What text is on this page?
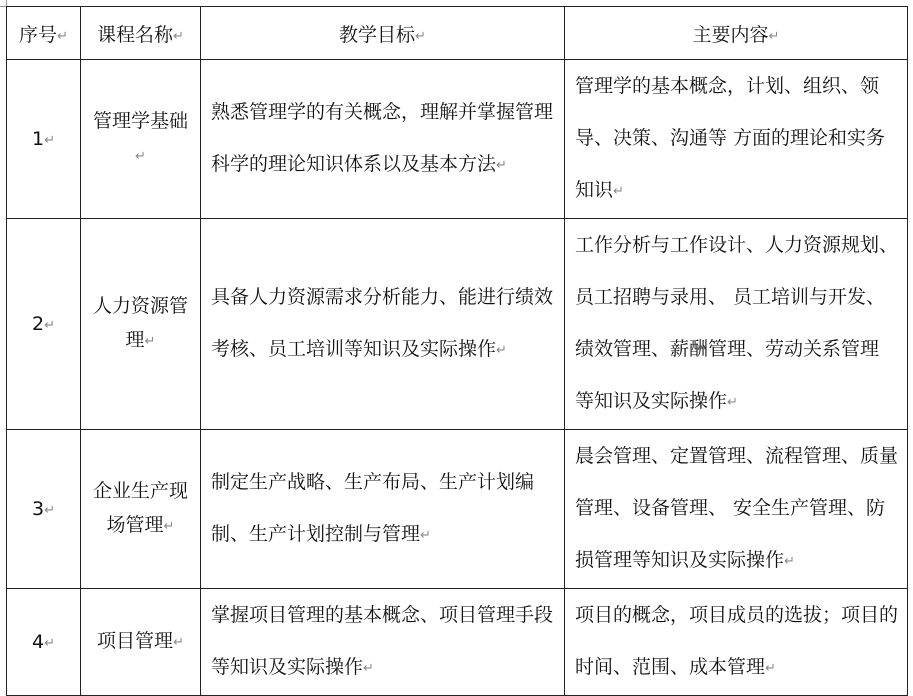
序号↵	课程名称↵	教学目标↵	主要内容↵
1↵	管理学基础↵	熟悉管理学的有关概念，理解并掌握管理科学的理论知识体系以及基本方法↵	管理学的基本概念，计划、组织、领导、决策、沟通等 方面的理论和实务知识↵
2↵	人力资源管理↵	具备人力资源需求分析能力、能进行绩效考核、员工培训等知识及实际操作↵	工作分析与工作设计、人力资源规划、员工招聘与录用、 员工培训与开发、绩效管理、薪酬管理、劳动关系管理 等知识及实际操作↵
3↵	企业生产现场管理↵	制定生产战略、生产布局、生产计划编制、生产计划控制与管理↵	晨会管理、定置管理、流程管理、质量管理、设备管理、 安全生产管理、防损管理等知识及实际操作↵
4↵	项目管理↵	掌握项目管理的基本概念、项目管理手段等知识及实际操作↵	项目的概念，项目成员的选拔；项目的时间、范围、成本管理↵
